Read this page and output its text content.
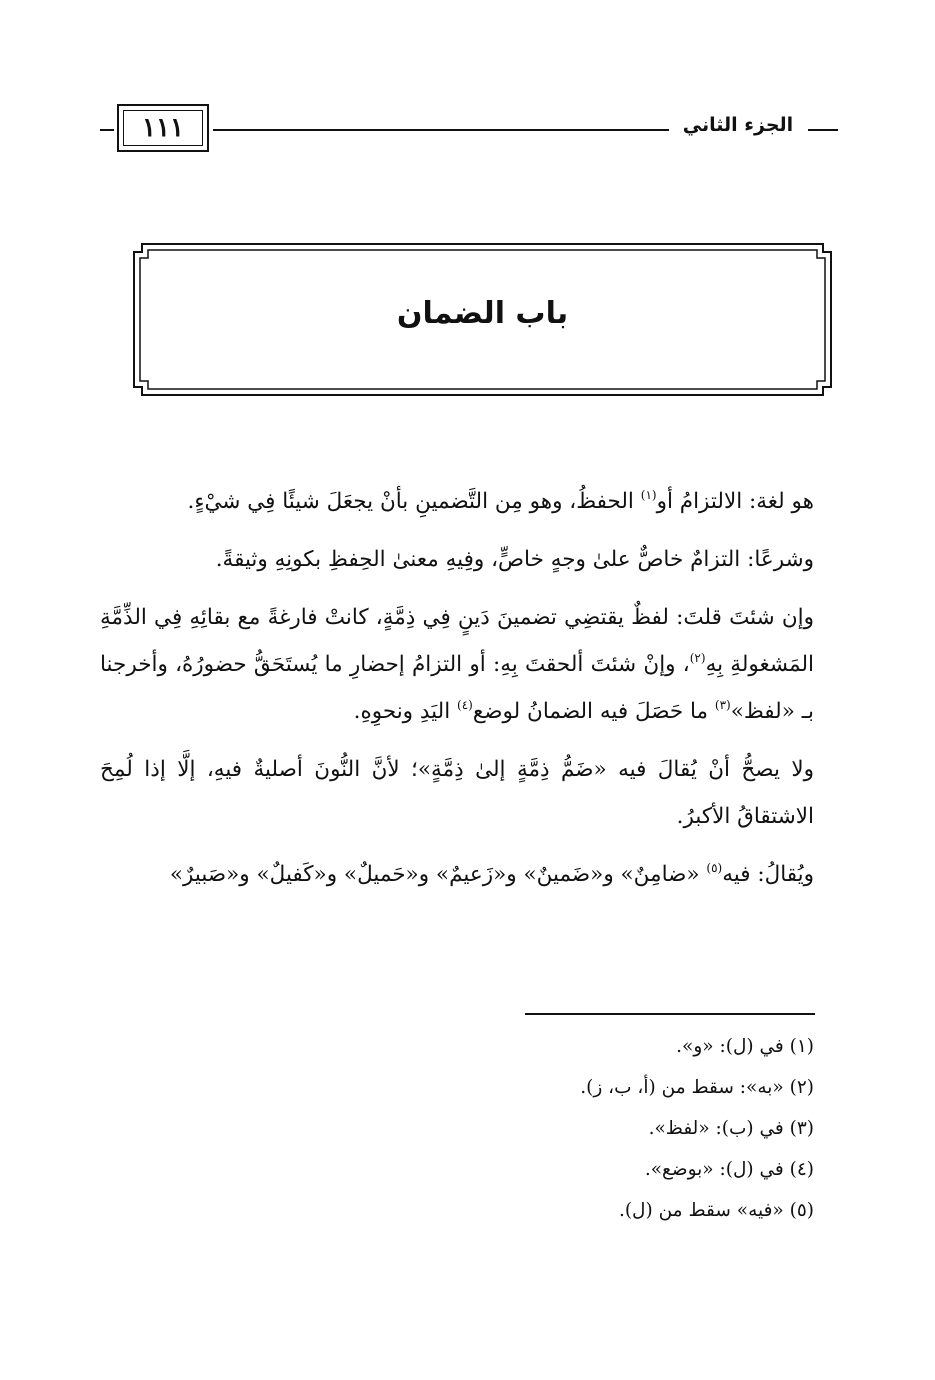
١١١	الجزء الثاني
باب الضمان

هو لغة: الالتزامُ أو$^{(١)}$ الحفظُ، وهو مِن التَّضمينِ بأنْ يجعَلَ شيئًا فِي شيْءٍ.

وشرعًا: التزامٌ خاصٌّ علىٰ وجهٍ خاصٍّ، وفِيهِ معنىٰ الحِفظِ بكونِهِ وثيقةً.

وإن شئتَ قلتَ: لفظٌ يقتضِي تضمينَ دَينٍ فِي ذِمَّةٍ، كانتْ فارغةً مع بقائِهِ فِي الذِّمَّةِ المَشغولةِ بِهِ$^{(٢)}$، وإنْ شئتَ ألحقتَ بِهِ: أو التزامُ إحضارِ ما يُستَحَقُّ حضورُهُ، وأخرجنا بـ «لفظ»$^{(٣)}$ ما حَصَلَ فيه الضمانُ لوضع$^{(٤)}$ اليَدِ ونحوِهِ.

ولا يصحُّ أنْ يُقالَ فيه «ضَمُّ ذِمَّةٍ إلىٰ ذِمَّةٍ»؛ لأنَّ النُّونَ أصليةٌ فيهِ، إلَّا إذا لُمِحَ الاشتقاقُ الأكبرُ.

ويُقالُ: فيه$^{(٥)}$ «ضامِنٌ» و«ضَمينٌ» و«زَعيمٌ» و«حَميلٌ» و«كَفيلٌ» و«صَبيرٌ»

(١) في (ل): «و».
(٢) «به»: سقط من (أ، ب، ز).
(٣) في (ب): «لفظ».
(٤) في (ل): «بوضع».
(٥) «فيه» سقط من (ل).
